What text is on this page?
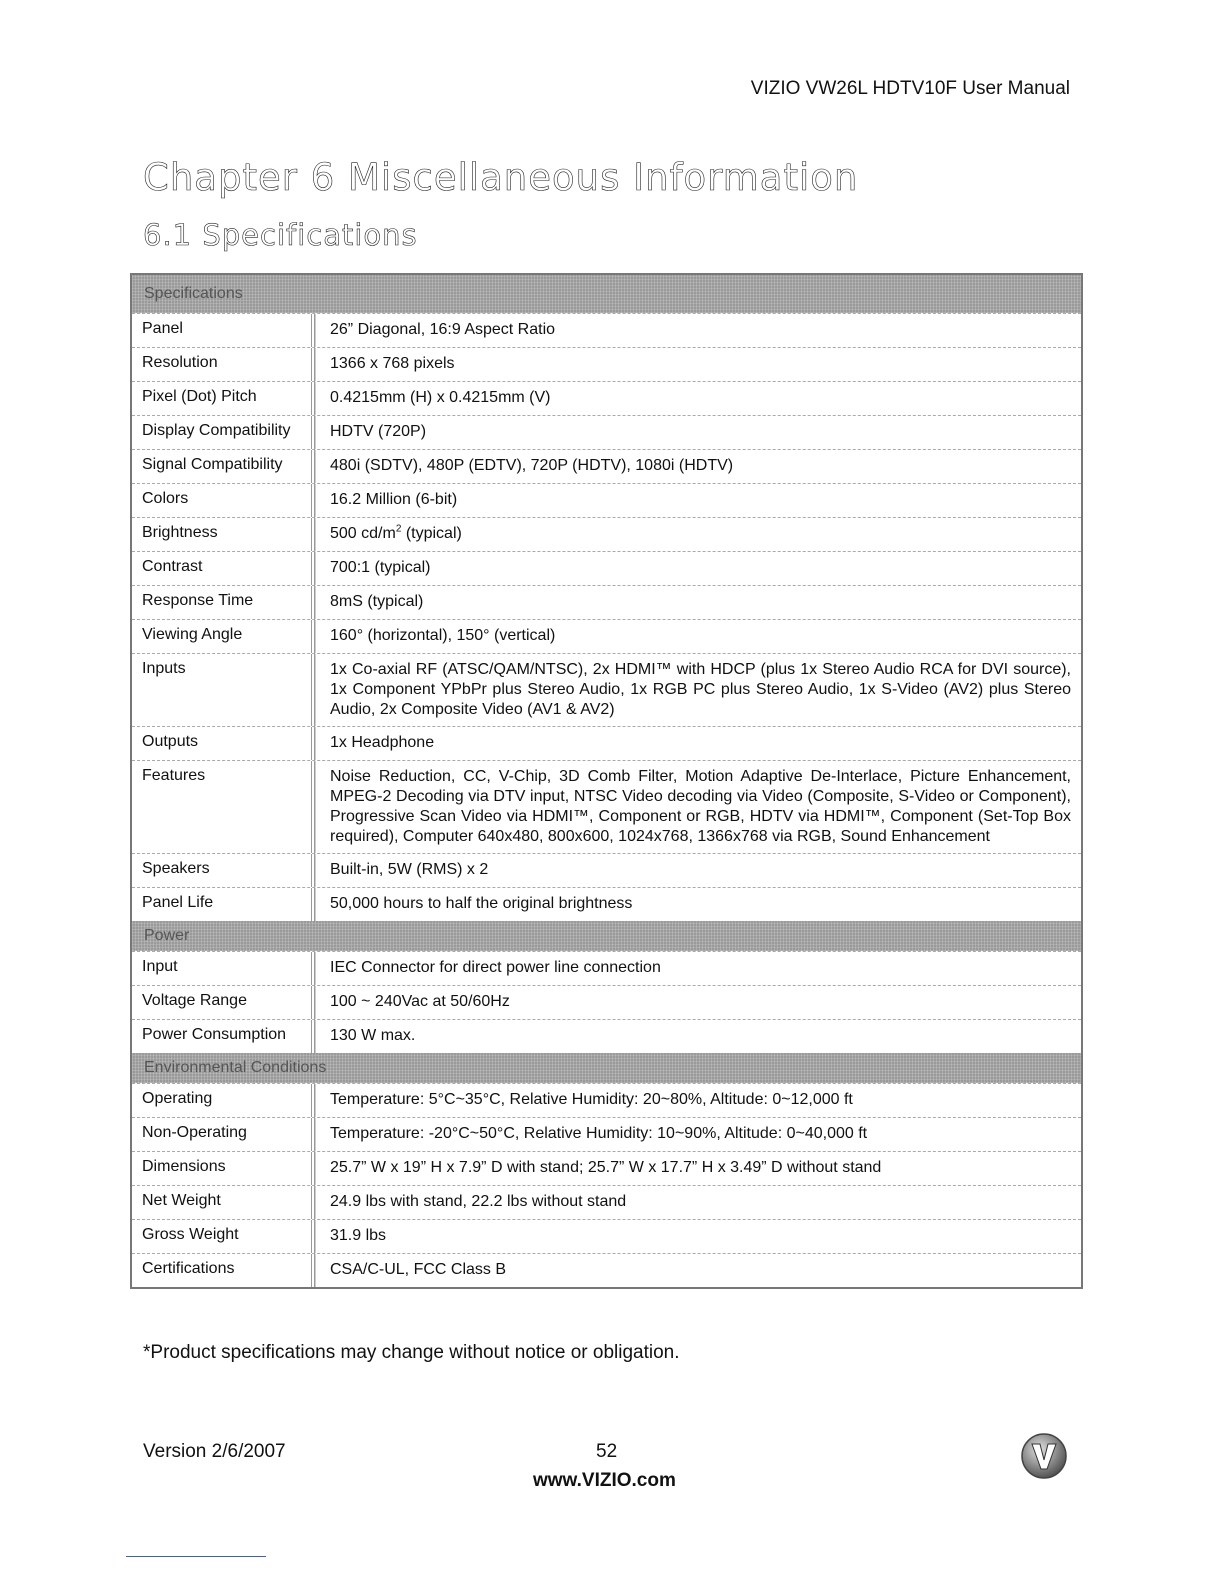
VIZIO VW26L HDTV10F User Manual
Chapter 6 Miscellaneous Information
6.1 Specifications
Specifications
Panel	26” Diagonal, 16:9 Aspect Ratio
Resolution	1366 x 768 pixels
Pixel (Dot) Pitch	0.4215mm (H) x 0.4215mm (V)
Display Compatibility	HDTV (720P)
Signal Compatibility	480i (SDTV), 480P (EDTV), 720P (HDTV), 1080i (HDTV)
Colors	16.2 Million (6-bit)
Brightness	500 $cd/m^2$ (typical)
Contrast	700:1 (typical)
Response Time	8mS (typical)
Viewing Angle	160° (horizontal), 150° (vertical)
Inputs	1x Co-axial RF (ATSC/QAM/NTSC), 2x HDMI™ with HDCP (plus 1x Stereo Audio RCA for DVI source), 1x Component YPbPr plus Stereo Audio, 1x RGB PC plus Stereo Audio, 1x S-Video (AV2) plus Stereo Audio, 2x Composite Video (AV1 & AV2)
Outputs	1x Headphone
Features	Noise Reduction, CC, V-Chip, 3D Comb Filter, Motion Adaptive De-Interlace, Picture Enhancement, MPEG-2 Decoding via DTV input, NTSC Video decoding via Video (Composite, S-Video or Component), Progressive Scan Video via HDMI™, Component or RGB, HDTV via HDMI™, Component (Set-Top Box required), Computer 640x480, 800x600, 1024x768, 1366x768 via RGB, Sound Enhancement
Speakers	Built-in, 5W (RMS) x 2
Panel Life	50,000 hours to half the original brightness
Power
Input	IEC Connector for direct power line connection
Voltage Range	100 ~ 240Vac at 50/60Hz
Power Consumption	130 W max.
Environmental Conditions
Operating	Temperature: 5°C~35°C, Relative Humidity: 20~80%, Altitude: 0~12,000 ft
Non-Operating	Temperature: -20°C~50°C, Relative Humidity: 10~90%, Altitude: 0~40,000 ft
Dimensions	25.7” W x 19” H x 7.9” D with stand; 25.7” W x 17.7” H x 3.49” D without stand
Net Weight	24.9 lbs with stand, 22.2 lbs without stand
Gross Weight	31.9 lbs
Certifications	CSA/C-UL, FCC Class B
*Product specifications may change without notice or obligation.
Version 2/6/2007	52
www.VIZIO.com
